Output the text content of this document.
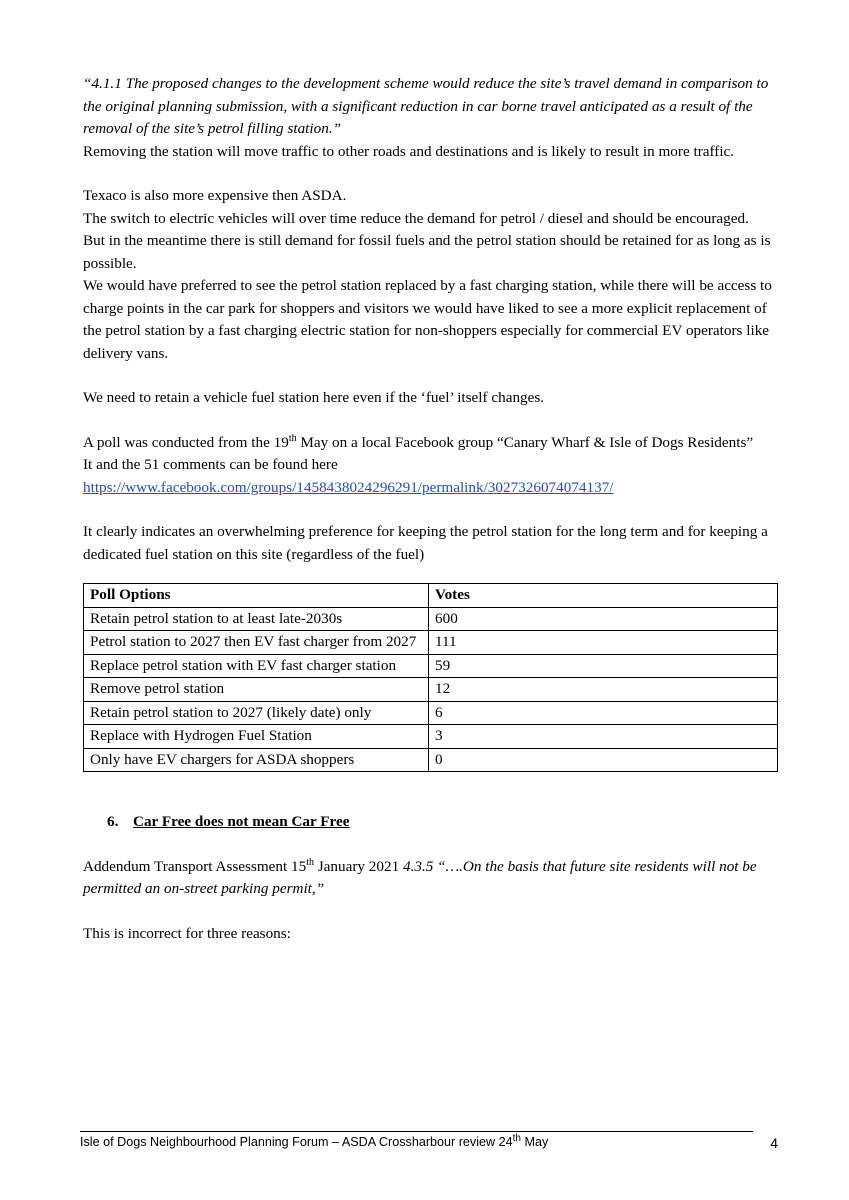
“4.1.1 The proposed changes to the development scheme would reduce the site’s travel demand in comparison to the original planning submission, with a significant reduction in car borne travel anticipated as a result of the removal of the site’s petrol filling station.”

Removing the station will move traffic to other roads and destinations and is likely to result in more traffic.

Texaco is also more expensive then ASDA.

The switch to electric vehicles will over time reduce the demand for petrol / diesel and should be encouraged.

But in the meantime there is still demand for fossil fuels and the petrol station should be retained for as long as is possible.

We would have preferred to see the petrol station replaced by a fast charging station, while there will be access to charge points in the car park for shoppers and visitors we would have liked to see a more explicit replacement of the petrol station by a fast charging electric station for non-shoppers especially for commercial EV operators like delivery vans.

We need to retain a vehicle fuel station here even if the ‘fuel’ itself changes.

A poll was conducted from the 19th May on a local Facebook group “Canary Wharf & Isle of Dogs Residents”

It and the 51 comments can be found here

https://www.facebook.com/groups/1458438024296291/permalink/3027326074074137/

It clearly indicates an overwhelming preference for keeping the petrol station for the long term and for keeping a dedicated fuel station on this site (regardless of the fuel)

Poll Options	Votes
Retain petrol station to at least late-2030s	600
Petrol station to 2027 then EV fast charger from 2027	111
Replace petrol station with EV fast charger station	59
Remove petrol station	12
Retain petrol station to 2027 (likely date) only	6
Replace with Hydrogen Fuel Station	3
Only have EV chargers for ASDA shoppers	0

6. Car Free does not mean Car Free

Addendum Transport Assessment 15th January 2021 4.3.5 “….On the basis that future site residents will not be permitted an on-street parking permit,”

This is incorrect for three reasons:

Isle of Dogs Neighbourhood Planning Forum – ASDA Crossharbour review 24th May	4
